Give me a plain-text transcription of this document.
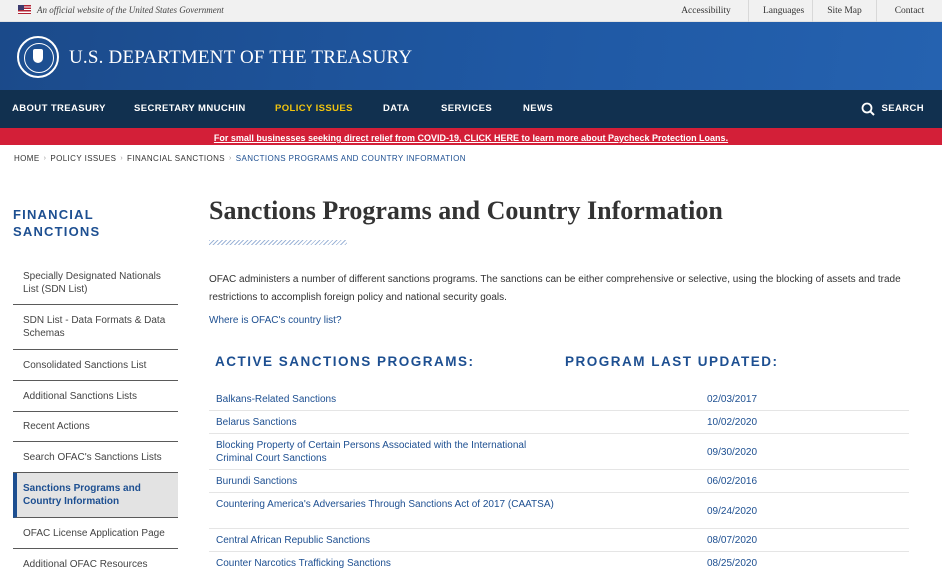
An official website of the United States Government	Accessibility	Languages	Site Map	Contact
U.S. DEPARTMENT OF THE TREASURY
ABOUT TREASURY	SECRETARY MNUCHIN	POLICY ISSUES	DATA	SERVICES	NEWS	SEARCH
For small businesses seeking direct relief from COVID-19, CLICK HERE to learn more about Paycheck Protection Loans.
HOME › POLICY ISSUES › FINANCIAL SANCTIONS › SANCTIONS PROGRAMS AND COUNTRY INFORMATION
FINANCIAL
SANCTIONS
Specially Designated Nationals List (SDN List)
SDN List - Data Formats & Data Schemas
Consolidated Sanctions List
Additional Sanctions Lists
Recent Actions
Search OFAC's Sanctions Lists
Sanctions Programs and Country Information
OFAC License Application Page
Additional OFAC Resources
Sanctions Programs and Country Information

OFAC administers a number of different sanctions programs. The sanctions can be either comprehensive or selective, using the blocking of assets and trade restrictions to accomplish foreign policy and national security goals.

Where is OFAC's country list?
ACTIVE SANCTIONS PROGRAMS:	PROGRAM LAST UPDATED:
Balkans-Related Sanctions	02/03/2017
Belarus Sanctions	10/02/2020
Blocking Property of Certain Persons Associated with the International Criminal Court Sanctions
09/30/2020
Burundi Sanctions	06/02/2016
Countering America's Adversaries Through Sanctions Act of 2017 (CAATSA)
09/24/2020
Central African Republic Sanctions	08/07/2020
Counter Narcotics Trafficking Sanctions	08/25/2020
